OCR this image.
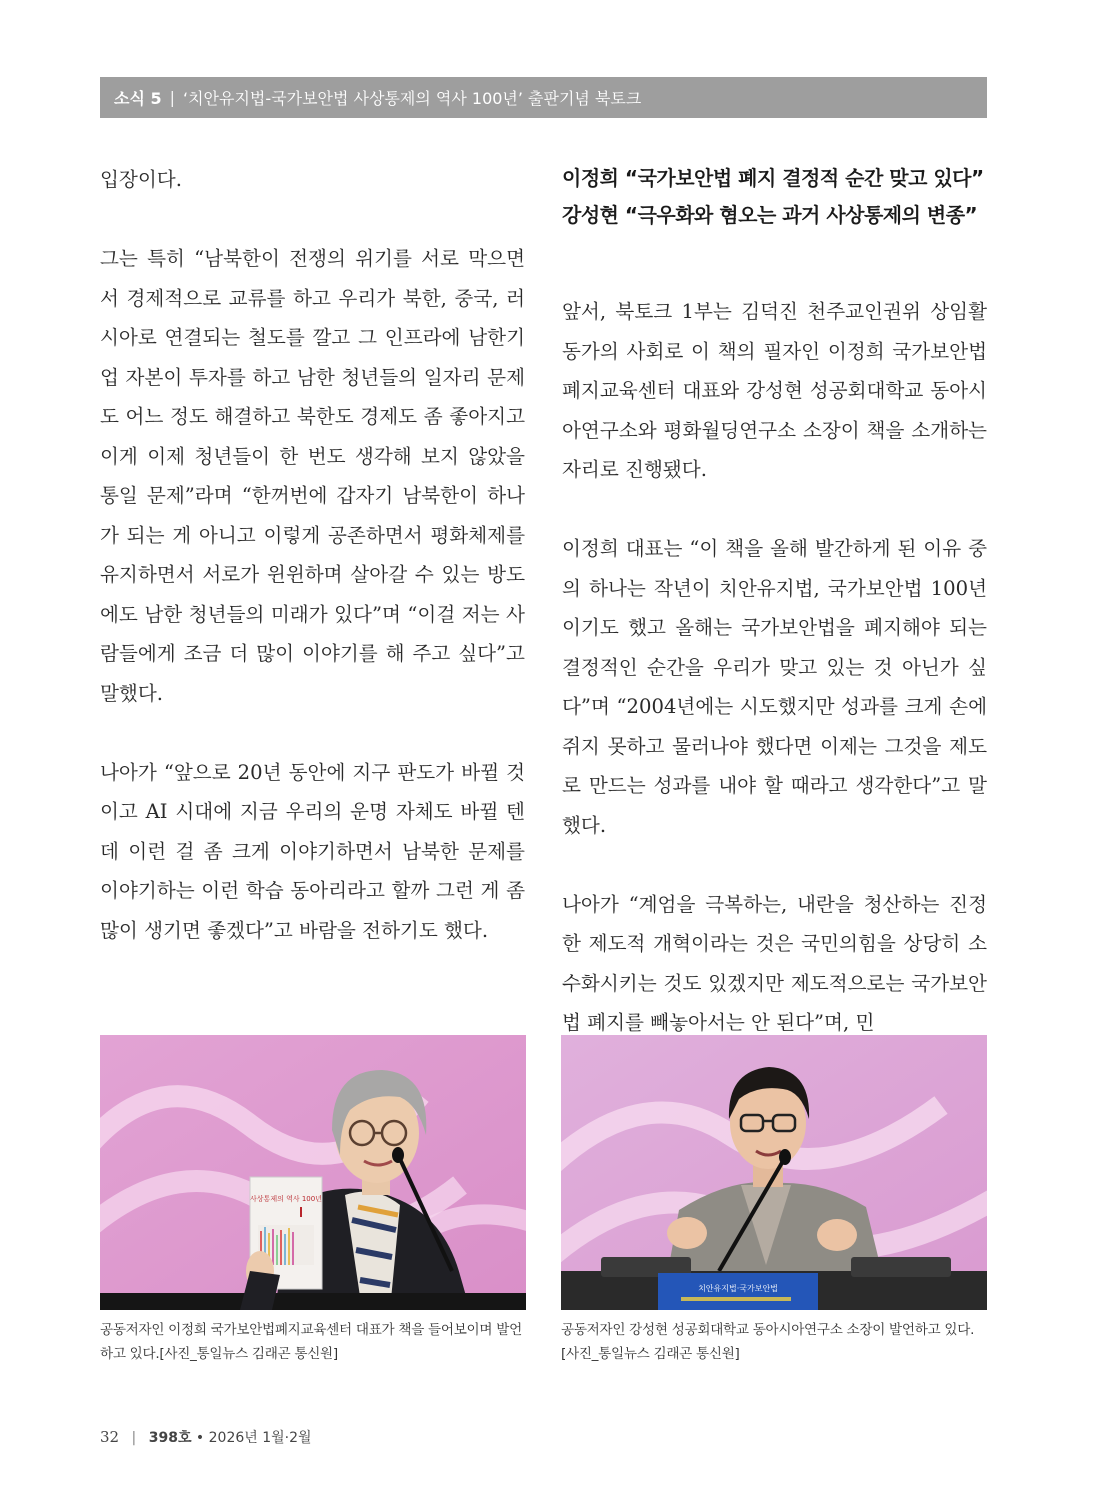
소식 5 | ‘치안유지법-국가보안법 사상통제의 역사 100년’ 출판기념 북토크

입장이다.

그는 특히 “남북한이 전쟁의 위기를 서로 막으면서 경제적으로 교류를 하고 우리가 북한, 중국, 러시아로 연결되는 철도를 깔고 그 인프라에 남한기업 자본이 투자를 하고 남한 청년들의 일자리 문제도 어느 정도 해결하고 북한도 경제도 좀 좋아지고 이게 이제 청년들이 한 번도 생각해 보지 않았을 통일 문제”라며 “한꺼번에 갑자기 남북한이 하나가 되는 게 아니고 이렇게 공존하면서 평화체제를 유지하면서 서로가 윈윈하며 살아갈 수 있는 방도에도 남한 청년들의 미래가 있다”며 “이걸 저는 사람들에게 조금 더 많이 이야기를 해 주고 싶다”고 말했다.

나아가 “앞으로 20년 동안에 지구 판도가 바뀔 것이고 AI 시대에 지금 우리의 운명 자체도 바뀔 텐데 이런 걸 좀 크게 이야기하면서 남북한 문제를 이야기하는 이런 학습 동아리라고 할까 그런 게 좀 많이 생기면 좋겠다”고 바람을 전하기도 했다.

이정희 “국가보안법 폐지 결정적 순간 맞고 있다”
강성현 “극우화와 혐오는 과거 사상통제의 변종”

앞서, 북토크 1부는 김덕진 천주교인권위 상임활동가의 사회로 이 책의 필자인 이정희 국가보안법폐지교육센터 대표와 강성현 성공회대학교 동아시아연구소와 평화월딩연구소 소장이 책을 소개하는 자리로 진행됐다.

이정희 대표는 “이 책을 올해 발간하게 된 이유 중의 하나는 작년이 치안유지법, 국가보안법 100년이기도 했고 올해는 국가보안법을 폐지해야 되는 결정적인 순간을 우리가 맞고 있는 것 아닌가 싶다”며 “2004년에는 시도했지만 성과를 크게 손에 쥐지 못하고 물러나야 했다면 이제는 그것을 제도로 만드는 성과를 내야 할 때라고 생각한다”고 말했다.

나아가 “계엄을 극복하는, 내란을 청산하는 진정한 제도적 개혁이라는 것은 국민의힘을 상당히 소수화시키는 것도 있겠지만 제도적으로는 국가보안법 폐지를 빼놓아서는 안 된다”며, 민

사상통제의 역사 100년
치안유지법·국가보안법
공동저자인 이정희 국가보안법폐지교육센터 대표가 책을 들어보이며 발언하고 있다.[사진_통일뉴스 김래곤 통신원]
공동저자인 강성현 성공회대학교 동아시아연구소 소장이 발언하고 있다.[사진_통일뉴스 김래곤 통신원]
32 | 398호 • 2026년 1월·2월
